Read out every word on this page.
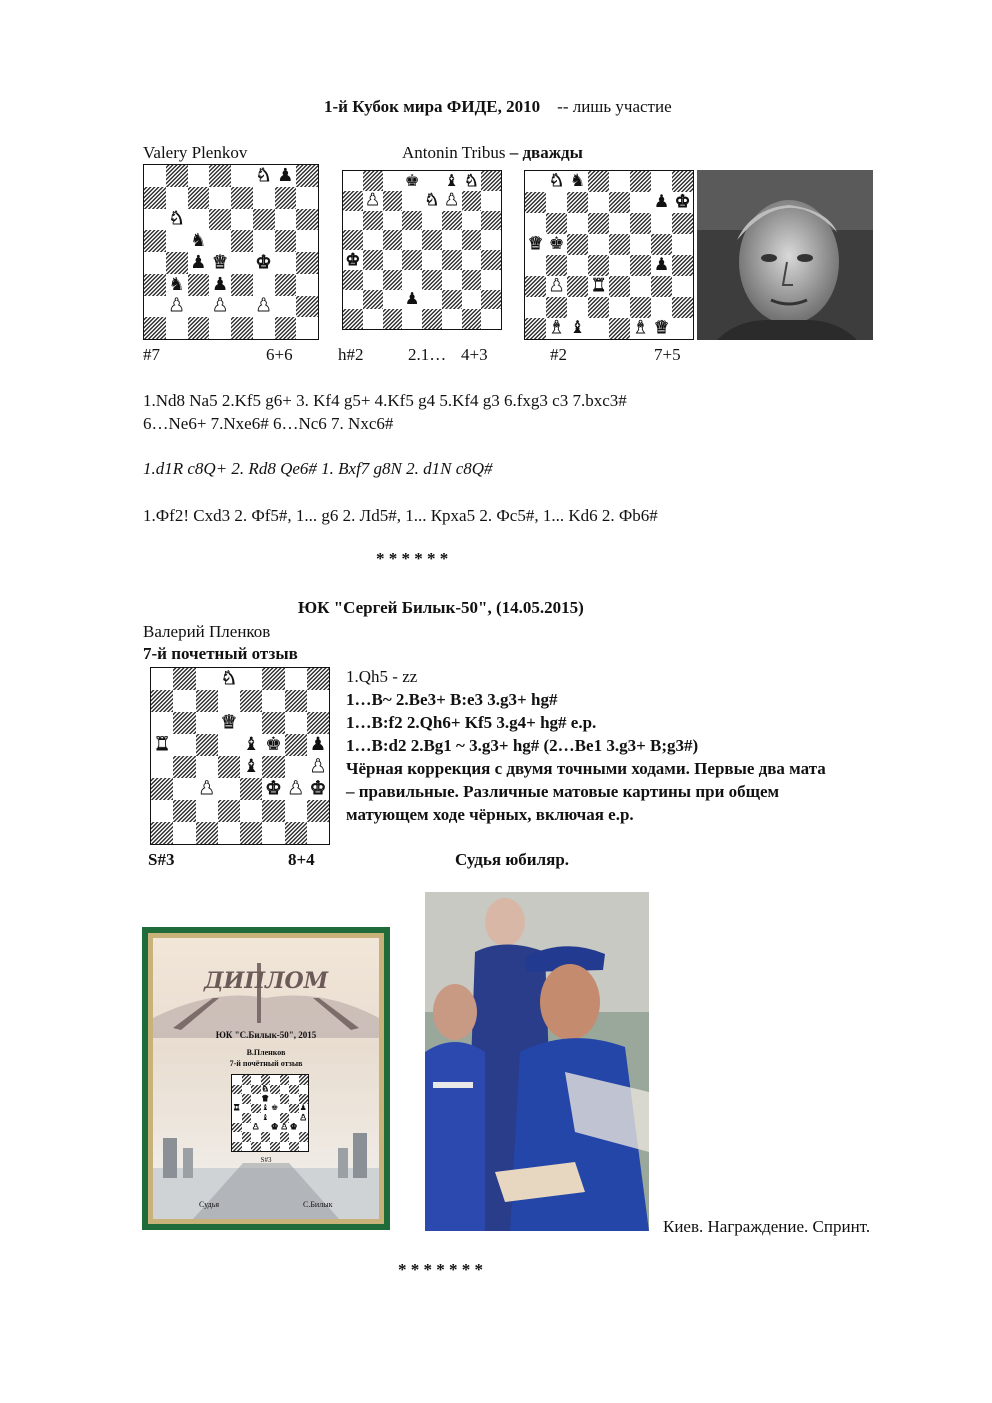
1-й Кубок мира ФИДЕ, 2010 -- лишь участие
Valery Plenkov	Antonin Tribus – дважды
♞ ♟
♞
♞
♟ ♛ ♚
♞ ♟
♟ ♟ ♟
♚ ♝ ♞
♟	♞ ♟
♚
♟
♞ ♞
♟ ♚
♛ ♚
♟
♟ ♜
♝ ♝	♝ ♛
#7	6+6	h#2	2.1… 4+3	#2	7+5
1.Nd8 Na5 2.Kf5 g6+ 3. Kf4 g5+ 4.Kf5 g4 5.Kf4 g3 6.fxg3 c3 7.bxc3#
6…Ne6+ 7.Nxe6# 6…Nc6 7. Nxc6#
1.d1R c8Q+ 2. Rd8 Qe6# 1. Bxf7 g8N 2. d1N c8Q#
1.Фf2! Cxd3 2. Фf5#, 1... g6 2. Лd5#, 1... Крxa5 2. Фc5#, 1... Kd6 2. Фb6#
* * * * * *
ЮК "Сергей Билык-50", (14.05.2015)
Валерий Пленков
7-й почетный отзыв
♞
♛
♜	♝ ♚ ♟
♝	♟
♟	♚ ♟ ♚
1.Qh5 - zz
1…B~ 2.Be3+ B:e3 3.g3+ hg#
1…B:f2 2.Qh6+ Kf5 3.g4+ hg# e.p.
1…B:d2 2.Bg1 ~ 3.g3+ hg# (2…Be1 3.g3+ B;g3#)
Чёрная коррекция с двумя точными ходами. Первые два мата
– правильные. Различные матовые картины при общем
матующем ходе чёрных, включая e.p.
S#3	8+4	Судья юбиляр.
ДИПЛОМ
ЮК "С.Билык-50", 2015
В.Пленков
7-й почётный отзыв
♞
♛
♜	♝ ♚	♟
♝	♟
♟ ♚ ♟ ♚
S#3
Судья	С.Билык
Киев. Награждение. Спринт.
* * * * * * *
